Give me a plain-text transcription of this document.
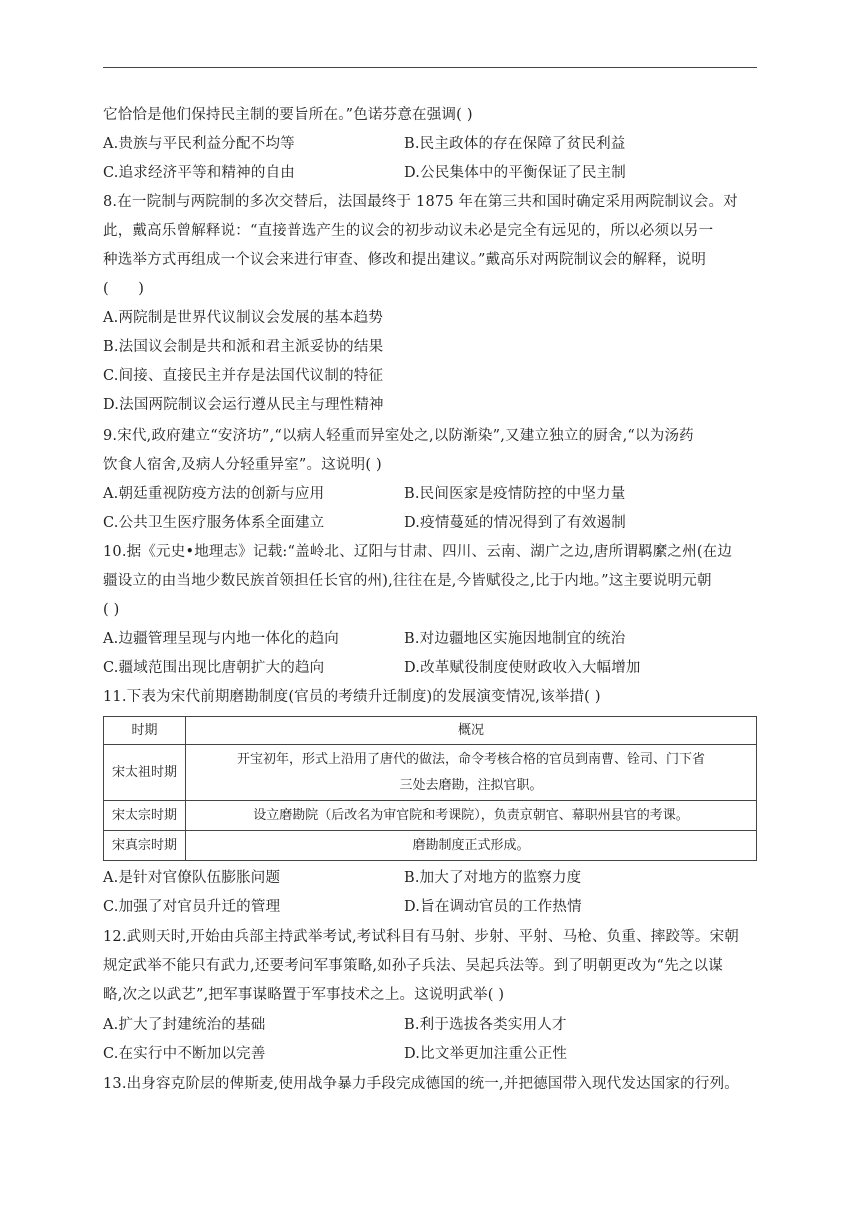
它恰恰是他们保持民主制的要旨所在。”色诺芬意在强调( )
A.贵族与平民利益分配不均等	B.民主政体的存在保障了贫民利益
C.追求经济平等和精神的自由	D.公民集体中的平衡保证了民主制
8.在一院制与两院制的多次交替后，法国最终于 1875 年在第三共和国时确定采用两院制议会。对
此，戴高乐曾解释说：“直接普选产生的议会的初步动议未必是完全有远见的，所以必须以另一
种选举方式再组成一个议会来进行审查、修改和提出建议。”戴高乐对两院制议会的解释，说明
(　　)
A.两院制是世界代议制议会发展的基本趋势
B.法国议会制是共和派和君主派妥协的结果
C.间接、直接民主并存是法国代议制的特征
D.法国两院制议会运行遵从民主与理性精神
9.宋代,政府建立“安济坊”,“以病人轻重而异室处之,以防渐染”,又建立独立的厨舍,“以为汤药
饮食人宿舍,及病人分轻重异室”。这说明( )
A.朝廷重视防疫方法的创新与应用	B.民间医家是疫情防控的中坚力量
C.公共卫生医疗服务体系全面建立	D.疫情蔓延的情况得到了有效遏制
10.据《元史•地理志》记载:“盖岭北、辽阳与甘肃、四川、云南、湖广之边,唐所谓羁縻之州(在边
疆设立的由当地少数民族首领担任长官的州),往往在是,今皆赋役之,比于内地。”这主要说明元朝
( )
A.边疆管理呈现与内地一体化的趋向	B.对边疆地区实施因地制宜的统治
C.疆域范围出现比唐朝扩大的趋向	D.改革赋役制度使财政收入大幅增加
11.下表为宋代前期磨勘制度(官员的考绩升迁制度)的发展演变情况,该举措( )
时期	概况
宋太祖时期	开宝初年，形式上沿用了唐代的做法，命令考核合格的官员到南曹、铨司、门下省
三处去磨勘，注拟官职。
宋太宗时期	设立磨勘院（后改名为审官院和考课院），负责京朝官、幕职州县官的考课。
宋真宗时期	磨勘制度正式形成。
A.是针对官僚队伍膨胀问题	B.加大了对地方的监察力度
C.加强了对官员升迁的管理	D.旨在调动官员的工作热情
12.武则天时,开始由兵部主持武举考试,考试科目有马射、步射、平射、马枪、负重、摔跤等。宋朝
规定武举不能只有武力,还要考问军事策略,如孙子兵法、吴起兵法等。到了明朝更改为“先之以谋
略,次之以武艺”,把军事谋略置于军事技术之上。这说明武举( )
A.扩大了封建统治的基础	B.利于选拔各类实用人才
C.在实行中不断加以完善	D.比文举更加注重公正性
13.出身容克阶层的俾斯麦,使用战争暴力手段完成德国的统一,并把德国带入现代发达国家的行列。
